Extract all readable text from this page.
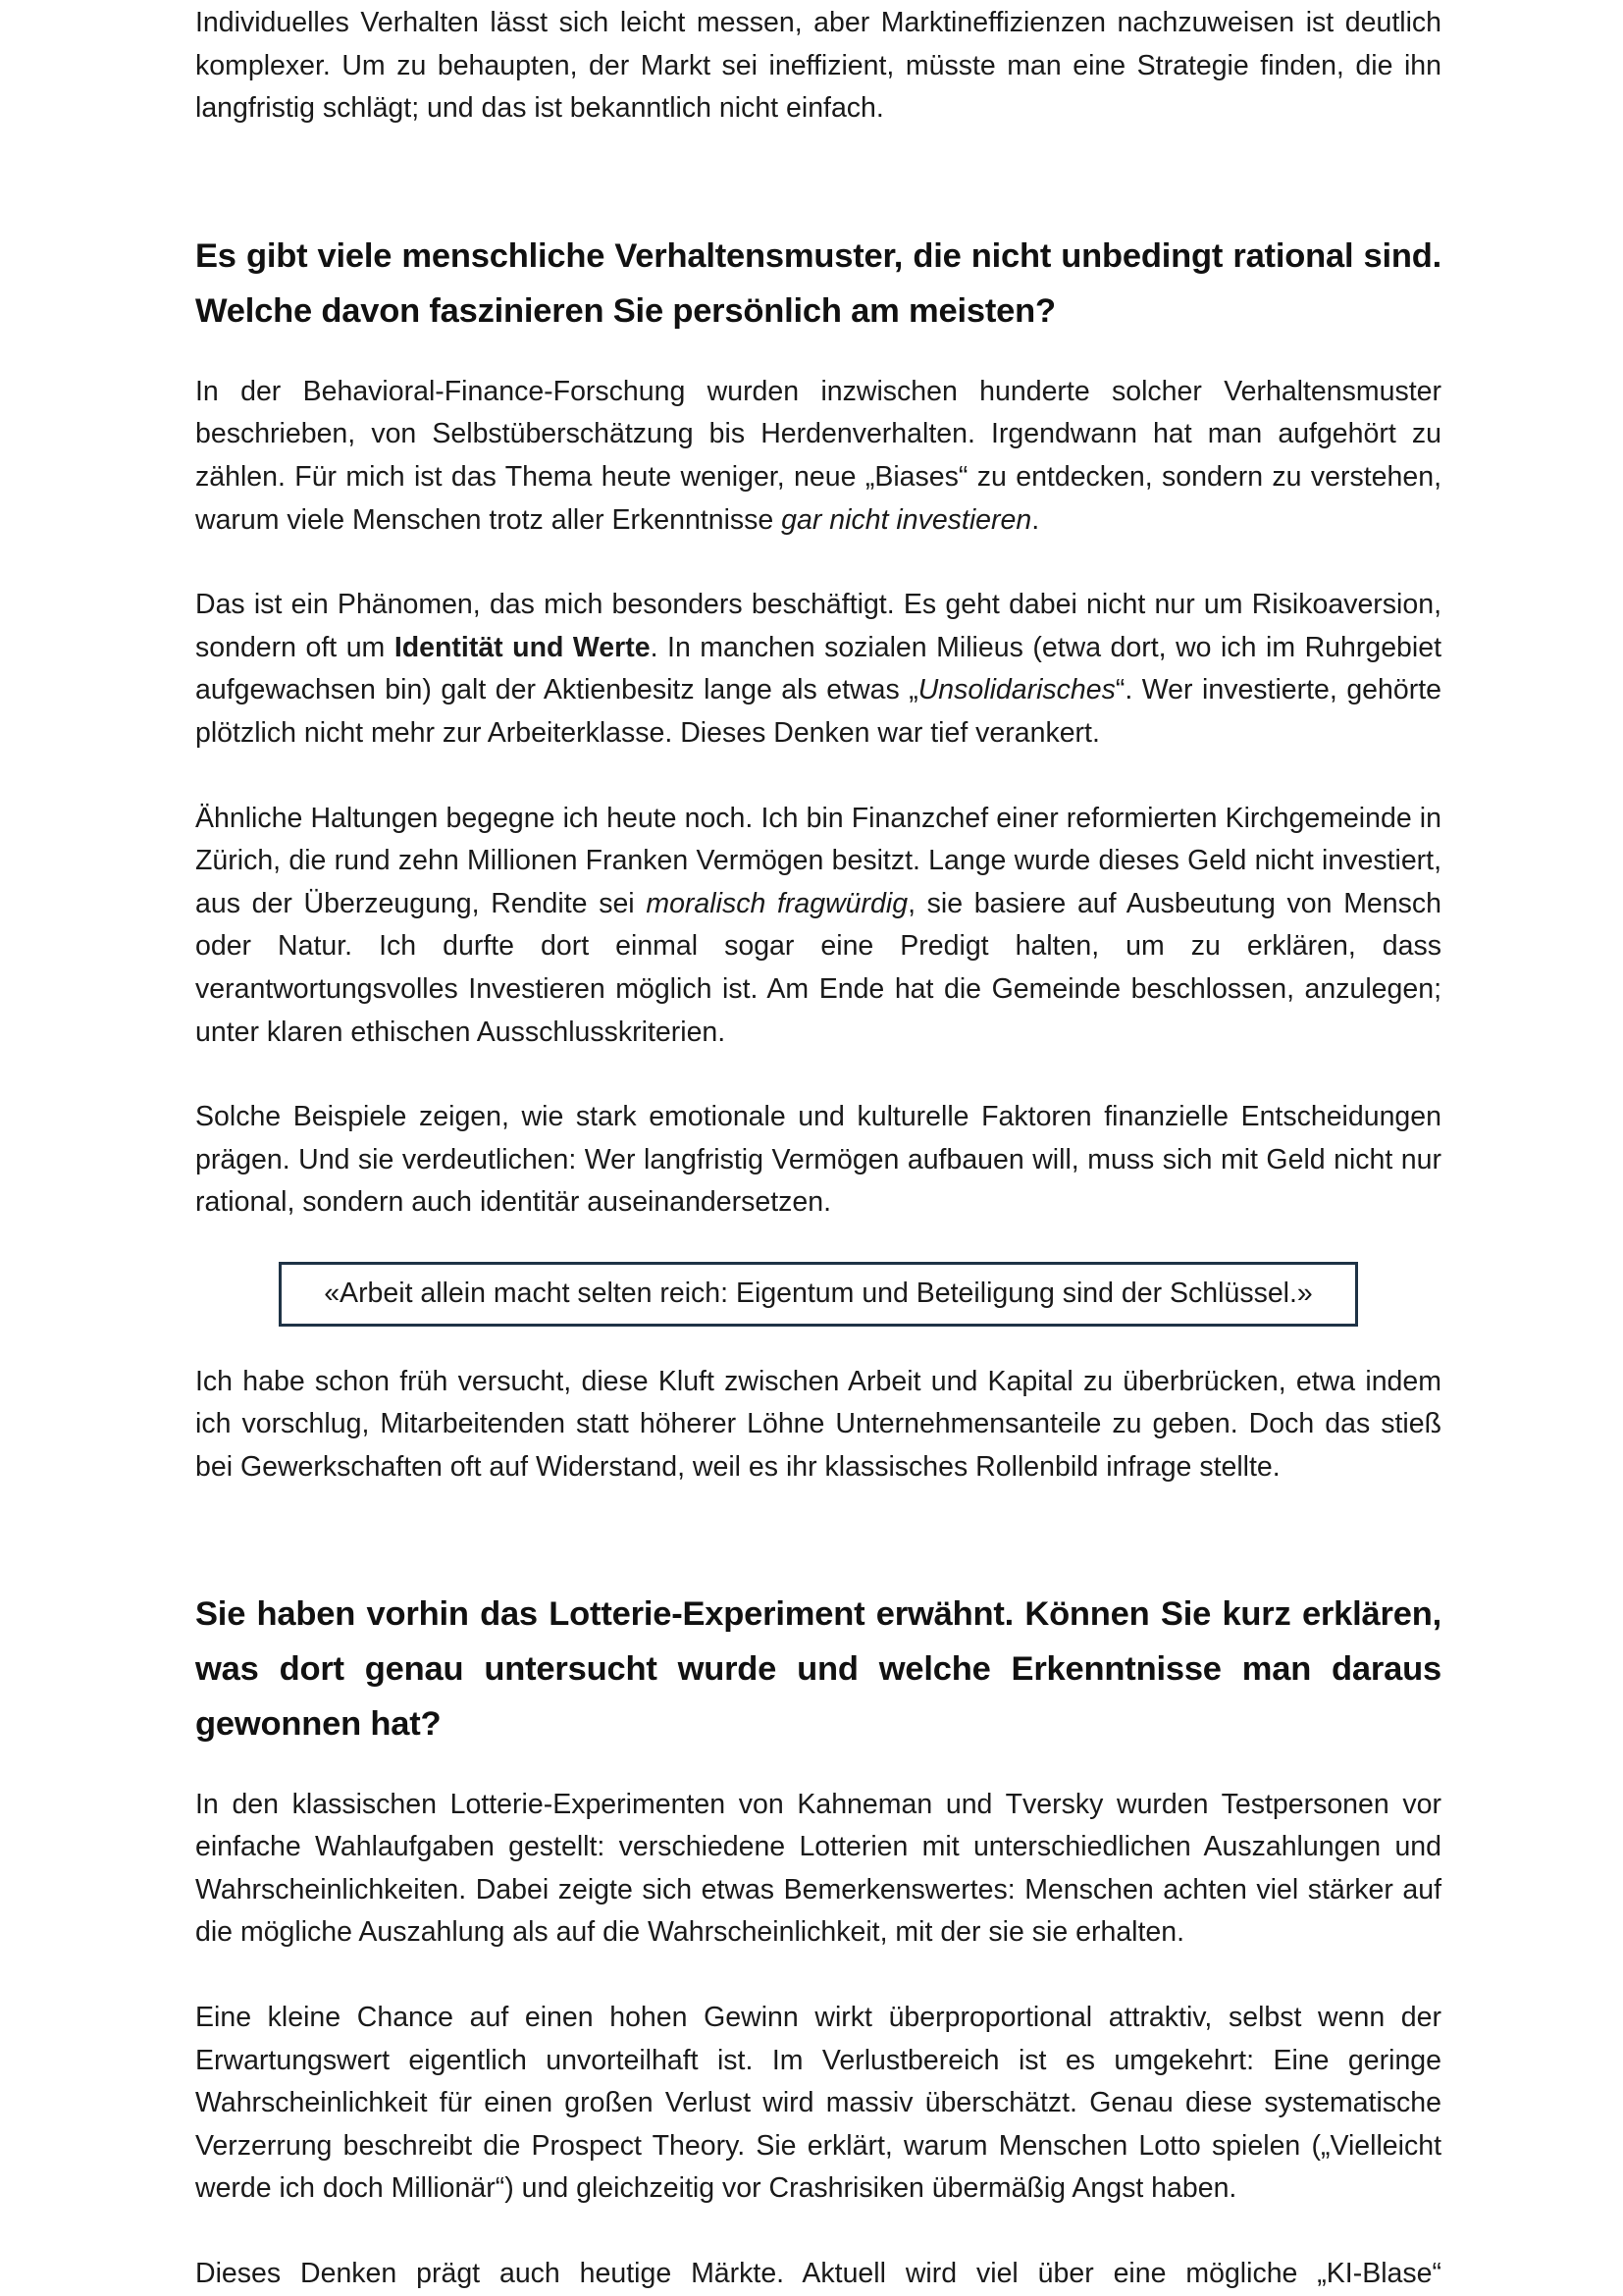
Individuelles Verhalten lässt sich leicht messen, aber Marktineffizienzen nachzuweisen ist deutlich komplexer. Um zu behaupten, der Markt sei ineffizient, müsste man eine Strategie finden, die ihn langfristig schlägt; und das ist bekanntlich nicht einfach.

Es gibt viele menschliche Verhaltensmuster, die nicht unbedingt rational sind. Welche davon faszinieren Sie persönlich am meisten?

In der Behavioral-Finance-Forschung wurden inzwischen hunderte solcher Verhaltensmuster beschrieben, von Selbstüberschätzung bis Herdenverhalten. Irgendwann hat man aufgehört zu zählen. Für mich ist das Thema heute weniger, neue „Biases“ zu entdecken, sondern zu verstehen, warum viele Menschen trotz aller Erkenntnisse gar nicht investieren.

Das ist ein Phänomen, das mich besonders beschäftigt. Es geht dabei nicht nur um Risikoaversion, sondern oft um Identität und Werte. In manchen sozialen Milieus (etwa dort, wo ich im Ruhrgebiet aufgewachsen bin) galt der Aktienbesitz lange als etwas „Unsolidarisches“. Wer investierte, gehörte plötzlich nicht mehr zur Arbeiterklasse. Dieses Denken war tief verankert.

Ähnliche Haltungen begegne ich heute noch. Ich bin Finanzchef einer reformierten Kirchgemeinde in Zürich, die rund zehn Millionen Franken Vermögen besitzt. Lange wurde dieses Geld nicht investiert, aus der Überzeugung, Rendite sei moralisch fragwürdig, sie basiere auf Ausbeutung von Mensch oder Natur. Ich durfte dort einmal sogar eine Predigt halten, um zu erklären, dass verantwortungsvolles Investieren möglich ist. Am Ende hat die Gemeinde beschlossen, anzulegen; unter klaren ethischen Ausschlusskriterien.

Solche Beispiele zeigen, wie stark emotionale und kulturelle Faktoren finanzielle Entscheidungen prägen. Und sie verdeutlichen: Wer langfristig Vermögen aufbauen will, muss sich mit Geld nicht nur rational, sondern auch identitär auseinandersetzen.

«Arbeit allein macht selten reich: Eigentum und Beteiligung sind der Schlüssel.»

Ich habe schon früh versucht, diese Kluft zwischen Arbeit und Kapital zu überbrücken, etwa indem ich vorschlug, Mitarbeitenden statt höherer Löhne Unternehmensanteile zu geben. Doch das stieß bei Gewerkschaften oft auf Widerstand, weil es ihr klassisches Rollenbild infrage stellte.

Sie haben vorhin das Lotterie-Experiment erwähnt. Können Sie kurz erklären, was dort genau untersucht wurde und welche Erkenntnisse man daraus gewonnen hat?

In den klassischen Lotterie-Experimenten von Kahneman und Tversky wurden Testpersonen vor einfache Wahlaufgaben gestellt: verschiedene Lotterien mit unterschiedlichen Auszahlungen und Wahrscheinlichkeiten. Dabei zeigte sich etwas Bemerkenswertes: Menschen achten viel stärker auf die mögliche Auszahlung als auf die Wahrscheinlichkeit, mit der sie sie erhalten.

Eine kleine Chance auf einen hohen Gewinn wirkt überproportional attraktiv, selbst wenn der Erwartungswert eigentlich unvorteilhaft ist. Im Verlustbereich ist es umgekehrt: Eine geringe Wahrscheinlichkeit für einen großen Verlust wird massiv überschätzt. Genau diese systematische Verzerrung beschreibt die Prospect Theory. Sie erklärt, warum Menschen Lotto spielen („Vielleicht werde ich doch Millionär“) und gleichzeitig vor Crashrisiken übermäßig Angst haben.

Dieses Denken prägt auch heutige Märkte. Aktuell wird viel über eine mögliche „KI-Blase“
